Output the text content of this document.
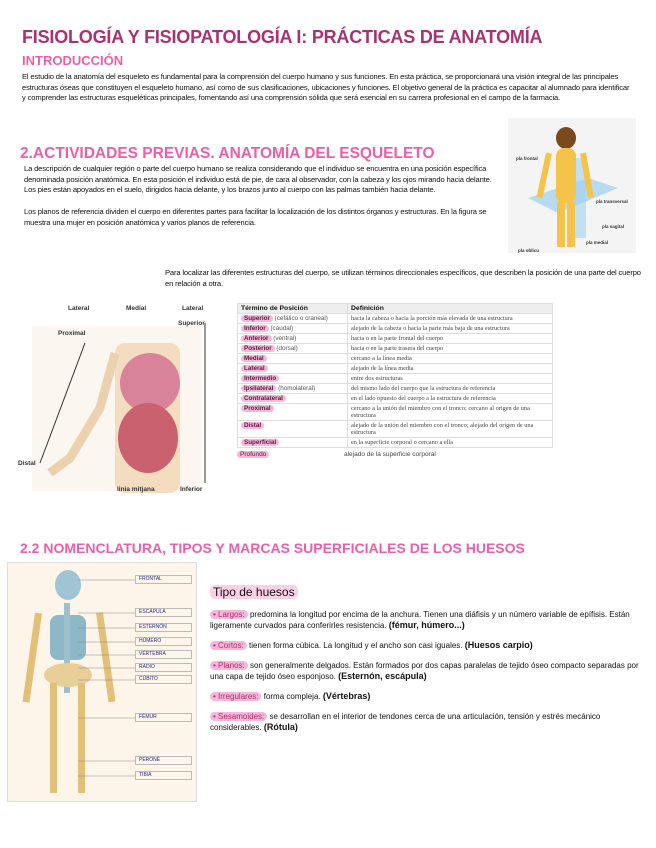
FISIOLOGÍA Y FISIOPATOLOGÍA I: PRÁCTICAS DE ANATOMÍA
INTRODUCCIÓN
El estudio de la anatomía del esqueleto es fundamental para la comprensión del cuerpo humano y sus funciones. En esta práctica, se proporcionará una visión integral de las principales estructuras óseas que constituyen el esqueleto humano, así como de sus clasificaciones, ubicaciones y funciones. El objetivo general de la práctica es capacitar al alumnado para identificar y comprender las estructuras esqueléticas principales, fomentando así una comprensión sólida que será esencial en su carrera profesional en el campo de la farmacia.
pla frontal
pla transversal
pla sagital
pla medial
pla oblicu
2.ACTIVIDADES PREVIAS. ANATOMÍA DEL ESQUELETO
La descripción de cualquier región o parte del cuerpo humano se realiza considerando que el individuo se encuentra en una posición específica denominada posición anatómica. En esta posición el individuo está de pie, de cara al observador, con la cabeza y los ojos mirando hacia delante. Los pies están apoyados en el suelo, dirigidos hacia delante, y los brazos junto al cuerpo con las palmas también hacia delante.
Los planos de referencia dividen el cuerpo en diferentes partes para facilitar la localización de los distintos órganos y estructuras. En la figura se muestra una mujer en posición anatómica y varios planos de referencia.
Para localizar las diferentes estructuras del cuerpo, se utilizan términos direccionales específicos, que describen la posición de una parte del cuerpo en relación a otra.
Lateral	Medial	Lateral
Superior
Proximal
Distal
linia mitjana	Inferior
Término de Posición	Definición
Superior (cefálico o craneal)	hacia la cabeza o hacia la porción más elevada de una estructura
Inferior (caudal)	alejado de la cabeza o hacia la parte más baja de una estructura
Anterior (ventral)	hacia o en la parte frontal del cuerpo
Posterior (dorsal)	hacia o en la parte trasera del cuerpo
Medial	cercano a la línea media
Lateral	alejado de la línea media
Intermedio	entre dos estructuras
Ipsilateral (homolateral)	del mismo lado del cuerpo que la estructura de referencia
Contralateral	en el lado opuesto del cuerpo a la estructura de referencia
Proximal	cercano a la unión del miembro con el tronco; cercano al origen de una estructura
Distal	alejado de la unión del miembro con el tronco; alejado del origen de una estructura
Superficial	en la superficie corporal o cercano a ella
Profundo	alejado de la superficie corporal
2.2 NOMENCLATURA, TIPOS Y MARCAS SUPERFICIALES DE LOS HUESOS
FRONTAL
ESCÁPULA
ESTERNÓN
HÚMERO
VÉRTEBRA
RADIO
CÚBITO
FÉMUR
PERONÉ
TIBIA
Tipo de huesos
• Largos: predomina la longitud por encima de la anchura. Tienen una diáfisis y un número variable de epífisis. Están ligeramente curvados para conferirles resistencia. (fémur, húmero...)
• Cortos: tienen forma cúbica. La longitud y el ancho son casi iguales. (Huesos carpio)
• Planos: son generalmente delgados. Están formados por dos capas paralelas de tejido óseo compacto separadas por una capa de tejido óseo esponjoso. (Esternón, escápula)
• Irregulares: forma compleja. (Vértebras)
• Sesamoides: se desarrollan en el interior de tendones cerca de una articulación, tensión y estrés mecánico considerables. (Rótula)
